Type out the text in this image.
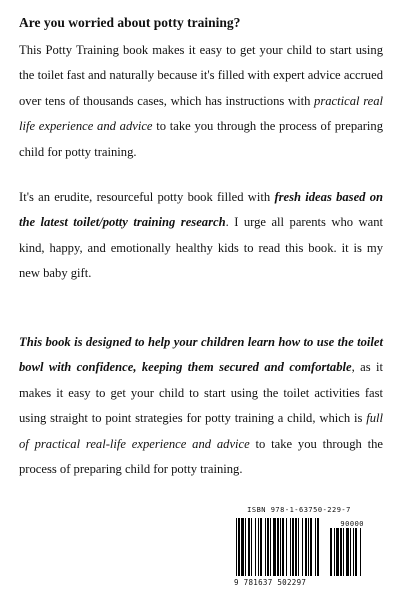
Are you worried about potty training?

This Potty Training book makes it easy to get your child to start using the toilet fast and naturally because it's filled with expert advice accrued over tens of thousands cases, which has instructions with practical real life experience and advice to take you through the process of preparing child for potty training.

It's an erudite, resourceful potty book filled with fresh ideas based on the latest toilet/potty training research. I urge all parents who want kind, happy, and emotionally healthy kids to read this book. it is my new baby gift.

This book is designed to help your children learn how to use the toilet bowl with confidence, keeping them secured and comfortable, as it makes it easy to get your child to start using the toilet activities fast using straight to point strategies for potty training a child, which is full of practical real-life experience and advice to take you through the process of preparing child for potty training.

ISBN 978-1-63750-229-7
90000
9 781637 502297
